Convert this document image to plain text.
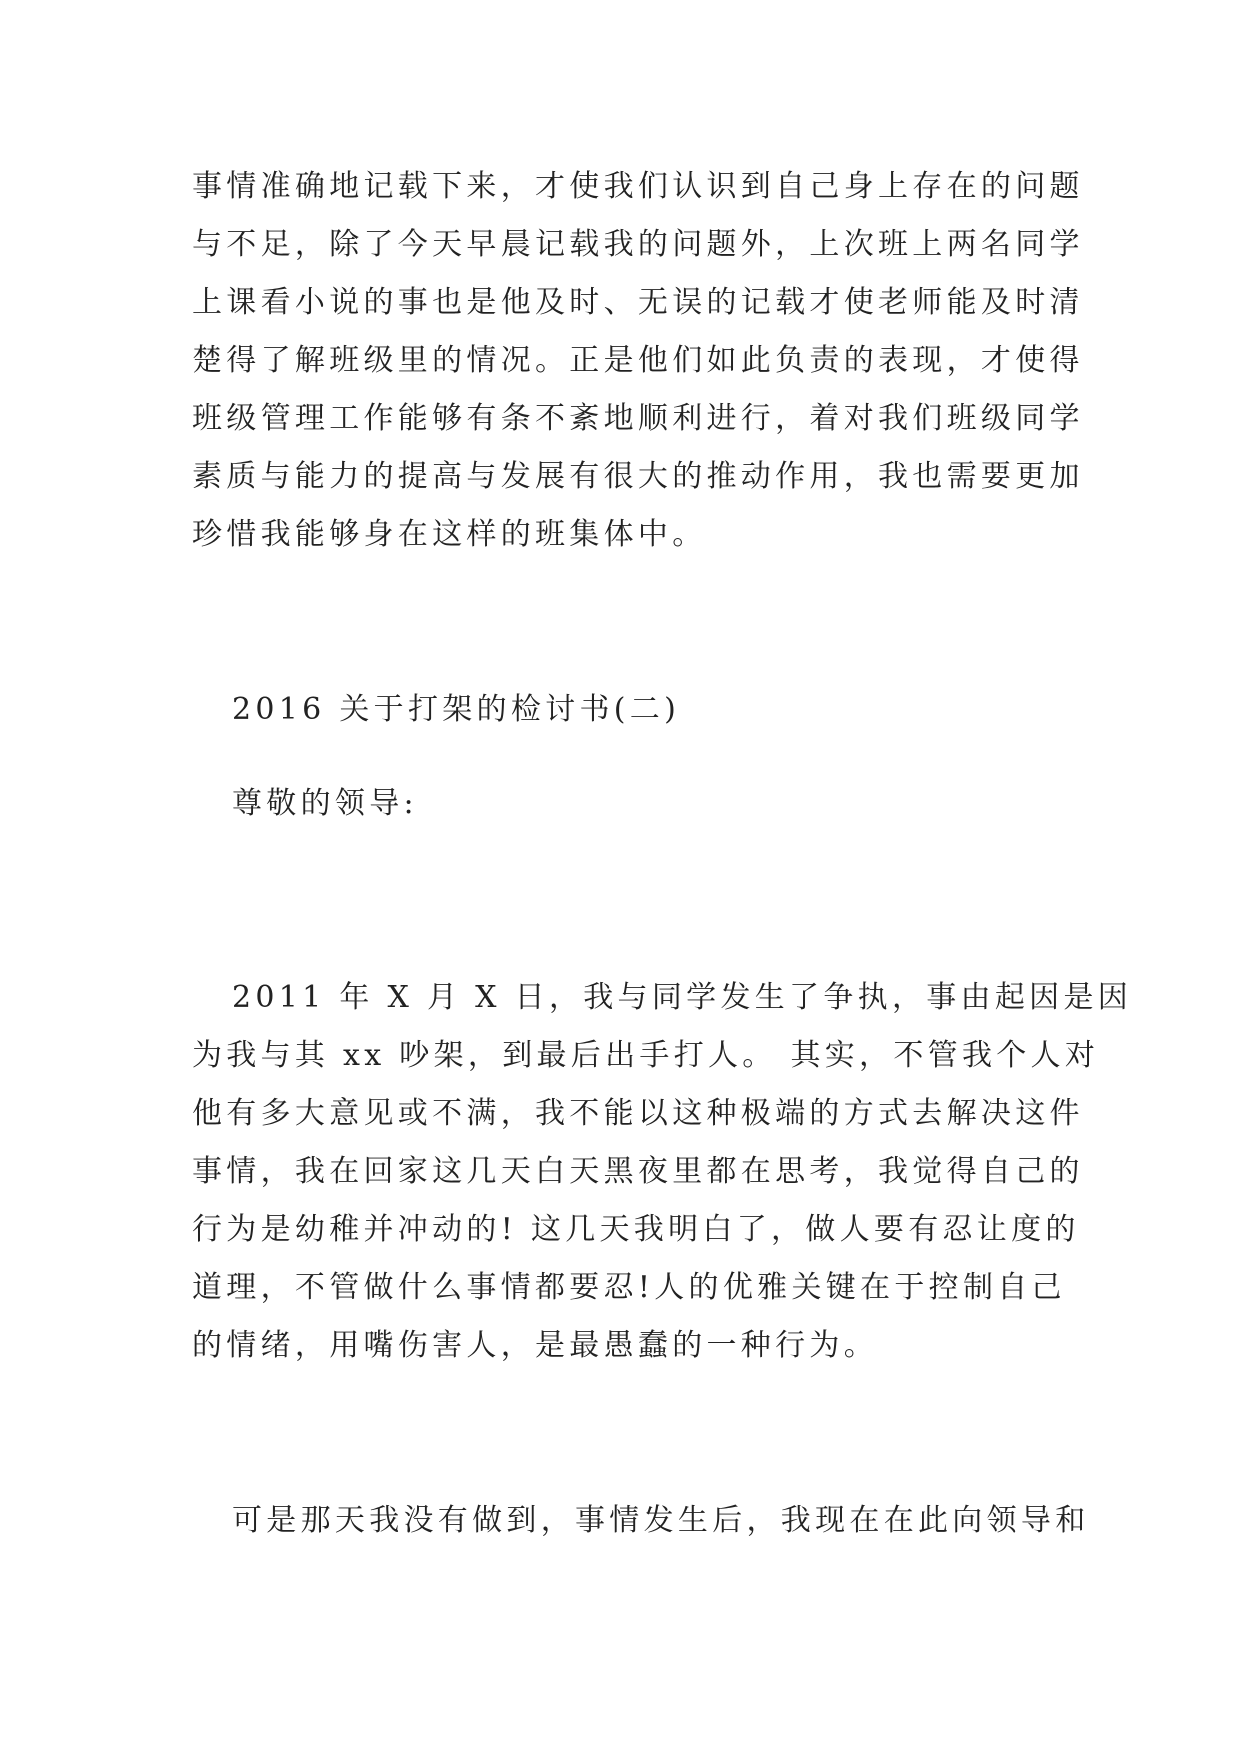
事情准确地记载下来，才使我们认识到自己身上存在的问题
与不足，除了今天早晨记载我的问题外，上次班上两名同学
上课看小说的事也是他及时、无误的记载才使老师能及时清
楚得了解班级里的情况。正是他们如此负责的表现，才使得
班级管理工作能够有条不紊地顺利进行，着对我们班级同学
素质与能力的提高与发展有很大的推动作用，我也需要更加
珍惜我能够身在这样的班集体中。
2016 关于打架的检讨书(二)
尊敬的领导:
2011 年 X 月 X 日，我与同学发生了争执，事由起因是因
为我与其 xx 吵架，到最后出手打人。 其实，不管我个人对
他有多大意见或不满，我不能以这种极端的方式去解决这件
事情，我在回家这几天白天黑夜里都在思考，我觉得自己的
行为是幼稚并冲动的! 这几天我明白了，做人要有忍让度的
道理，不管做什么事情都要忍!人的优雅关键在于控制自己
的情绪，用嘴伤害人，是最愚蠢的一种行为。
可是那天我没有做到，事情发生后，我现在在此向领导和
